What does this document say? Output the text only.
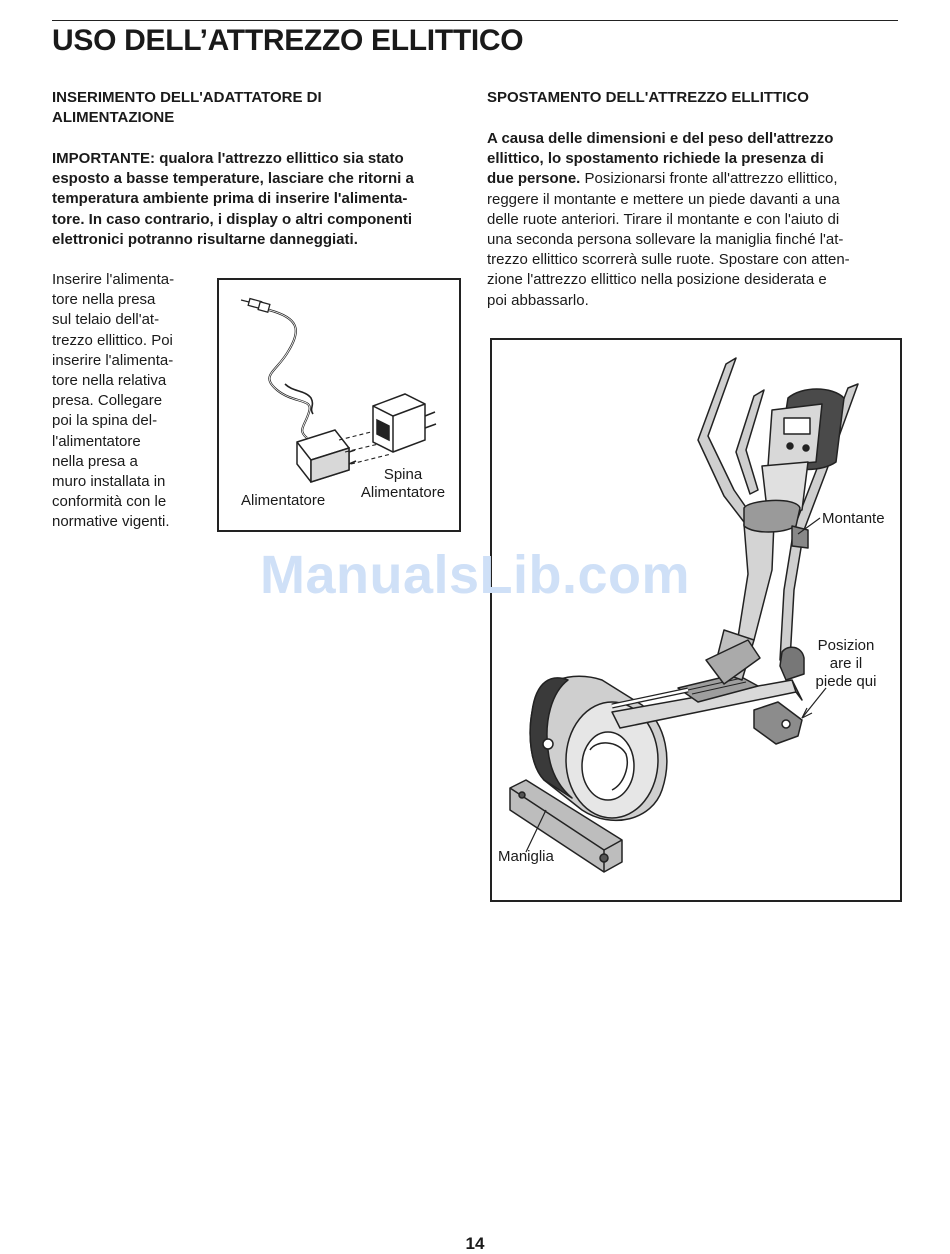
USO DELL’ATTREZZO ELLITTICO
INSERIMENTO DELL'ADATTATORE DI
ALIMENTAZIONE
IMPORTANTE: qualora l'attrezzo ellittico sia stato
esposto a basse temperature, lasciare che ritorni a
temperatura ambiente prima di inserire l'alimenta-
tore. In caso contrario, i display o altri componenti
elettronici potranno risultarne danneggiati.
Inserire l'alimenta-
tore nella presa
sul telaio dell'at-
trezzo ellittico. Poi
inserire l'alimenta-
tore nella relativa
presa. Collegare
poi la spina del-
l'alimentatore
nella presa a
muro installata in
conformità con le
normative vigenti.
Alimentatore
Spina
Alimentatore
SPOSTAMENTO DELL'ATTREZZO ELLITTICO
A causa delle dimensioni e del peso dell'attrezzo
ellittico, lo spostamento richiede la presenza di
due persone. Posizionarsi fronte all'attrezzo ellittico,
reggere il montante e mettere un piede davanti a una
delle ruote anteriori. Tirare il montante e con l'aiuto di
una seconda persona sollevare la maniglia finché l'at-
trezzo ellittico scorrerà sulle ruote. Spostare con atten-
zione l'attrezzo ellittico nella posizione desiderata e
poi abbassarlo.
Montante
Posizion
are il
piede qui
Maniglia
ManualsLib.com
14
